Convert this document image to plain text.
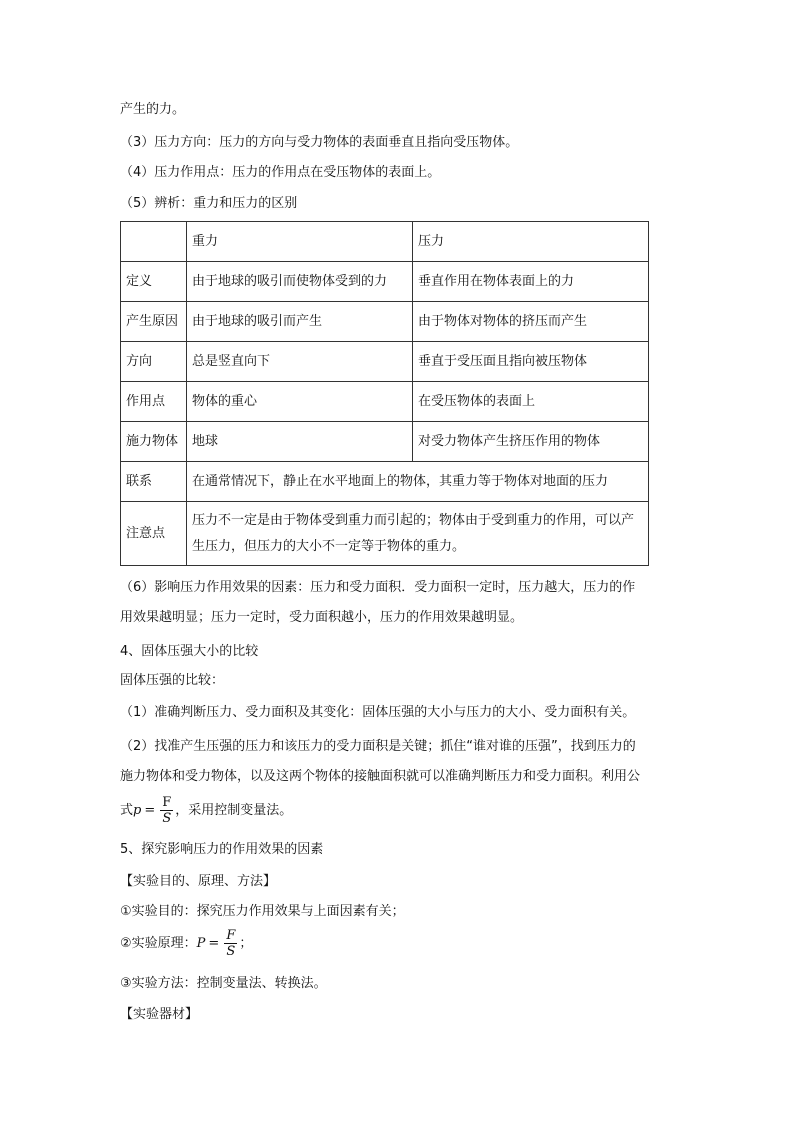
产生的力。
（3）压力方向：压力的方向与受力物体的表面垂直且指向受压物体。
（4）压力作用点：压力的作用点在受压物体的表面上。
（5）辨析：重力和压力的区别
	重力	压力
定义	由于地球的吸引而使物体受到的力	垂直作用在物体表面上的力
产生原因	由于地球的吸引而产生	由于物体对物体的挤压而产生
方向	总是竖直向下	垂直于受压面且指向被压物体
作用点	物体的重心	在受压物体的表面上
施力物体	地球	对受力物体产生挤压作用的物体
联系	在通常情况下，静止在水平地面上的物体，其重力等于物体对地面的压力	
注意点	压力不一定是由于物体受到重力而引起的；物体由于受到重力的作用，可以产生压力，但压力的大小不一定等于物体的重力。	
（6）影响压力作用效果的因素：压力和受力面积．受力面积一定时，压力越大，压力的作
用效果越明显；压力一定时，受力面积越小，压力的作用效果越明显。
4、固体压强大小的比较
固体压强的比较：
（1）准确判断压力、受力面积及其变化：固体压强的大小与压力的大小、受力面积有关。
（2）找准产生压强的压力和该压力的受力面积是关键；抓住“谁对谁的压强”，找到压力的
施力物体和受力物体，以及这两个物体的接触面积就可以准确判断压力和受力面积。利用公
式$p = \frac{F}{S}$ ，采用控制变量法。
5、探究影响压力的作用效果的因素
【实验目的、原理、方法】
①实验目的：探究压力作用效果与上面因素有关；
②实验原理：$P = \frac{F}{S}$ ；
③实验方法：控制变量法、转换法。
【实验器材】
